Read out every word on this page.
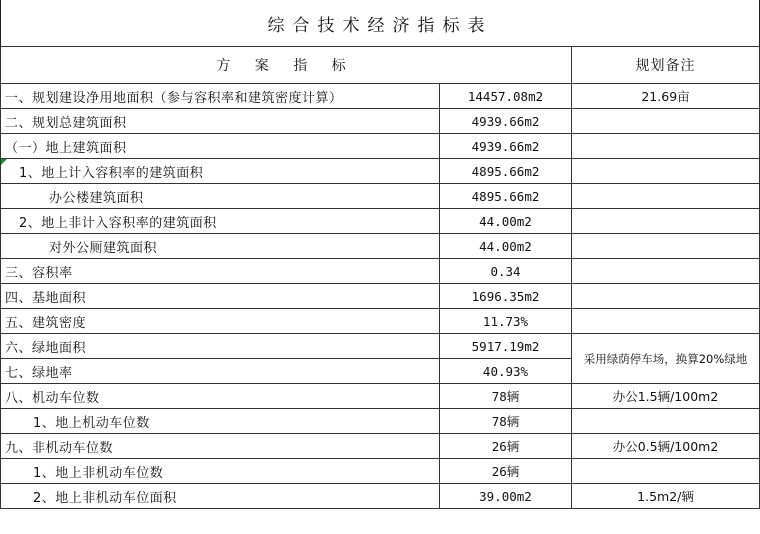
综合技术经济指标表
方 案 指 标		规划备注
一、规划建设净用地面积（参与容积率和建筑密度计算）	14457.08m2	21.69亩
二、规划总建筑面积	4939.66m2	
（一）地上建筑面积	4939.66m2	
1、地上计入容积率的建筑面积	4895.66m2	
办公楼建筑面积	4895.66m2	
2、地上非计入容积率的建筑面积	44.00m2	
对外公厕建筑面积	44.00m2	
三、容积率	0.34	
四、基地面积	1696.35m2	
五、建筑密度	11.73%	
六、绿地面积	5917.19m2	采用绿荫停车场，换算20%绿地
七、绿地率	40.93%	
八、机动车位数	78辆	办公1.5辆/100m2
1、地上机动车位数	78辆	
九、非机动车位数	26辆	办公0.5辆/100m2
1、地上非机动车位数	26辆	
2、地上非机动车位面积	39.00m2	1.5m2/辆
